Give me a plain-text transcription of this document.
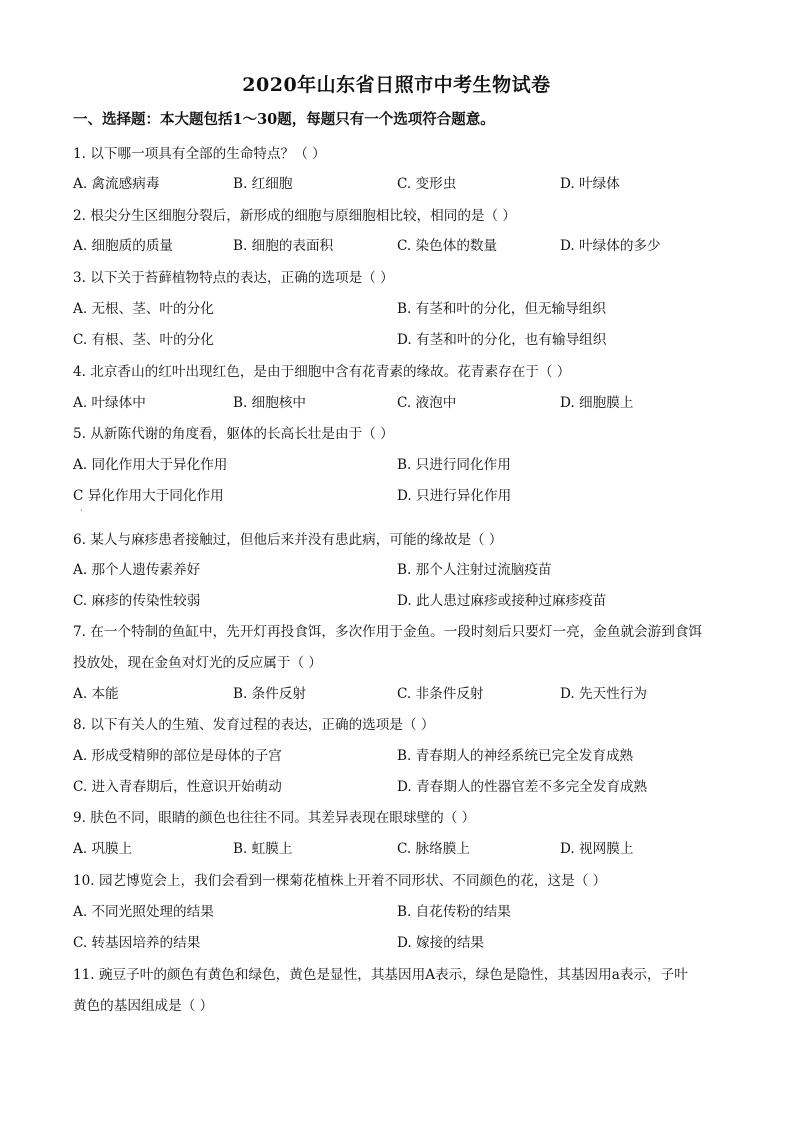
2020年山东省日照市中考生物试卷
一、选择题：本大题包括1～30题，每题只有一个选项符合题意。
1. 以下哪一项具有全部的生命特点？（ ）
A. 禽流感病毒	B. 红细胞	C. 变形虫	D. 叶绿体
2. 根尖分生区细胞分裂后，新形成的细胞与原细胞相比较，相同的是（ ）
A. 细胞质的质量	B. 细胞的表面积	C. 染色体的数量	D. 叶绿体的多少
3. 以下关于苔藓植物特点的表达，正确的选项是（ ）
A. 无根、茎、叶的分化	B. 有茎和叶的分化，但无输导组织
C. 有根、茎、叶的分化	D. 有茎和叶的分化，也有输导组织
4. 北京香山的红叶出现红色，是由于细胞中含有花青素的缘故。花青素存在于（ ）
A. 叶绿体中	B. 细胞核中	C. 液泡中	D. 细胞膜上
5. 从新陈代谢的角度看，躯体的长高长壮是由于（ ）
A. 同化作用大于异化作用	B. 只进行同化作用
C 异化作用大于同化作用	D. 只进行异化作用
6. 某人与麻疹患者接触过，但他后来并没有患此病，可能的缘故是（ ）
A. 那个人遗传素养好	B. 那个人注射过流脑疫苗
C. 麻疹的传染性较弱	D. 此人患过麻疹或接种过麻疹疫苗
7. 在一个特制的鱼缸中，先开灯再投食饵，多次作用于金鱼。一段时刻后只要灯一亮，金鱼就会游到食饵
投放处，现在金鱼对灯光的反应属于（ ）
A. 本能	B. 条件反射	C. 非条件反射	D. 先天性行为
8. 以下有关人的生殖、发育过程的表达，正确的选项是（ ）
A. 形成受精卵的部位是母体的子宫	B. 青春期人的神经系统已完全发育成熟
C. 进入青春期后，性意识开始萌动	D. 青春期人的性器官差不多完全发育成熟
9. 肤色不同，眼睛的颜色也往往不同。其差异表现在眼球壁的（ ）
A. 巩膜上	B. 虹膜上	C. 脉络膜上	D. 视网膜上
10. 园艺博览会上，我们会看到一棵菊花植株上开着不同形状、不同颜色的花，这是（ ）
A. 不同光照处理的结果	B. 自花传粉的结果
C. 转基因培养的结果	D. 嫁接的结果
11. 豌豆子叶的颜色有黄色和绿色，黄色是显性，其基因用A表示，绿色是隐性，其基因用a表示，子叶
黄色的基因组成是（ ）
·
